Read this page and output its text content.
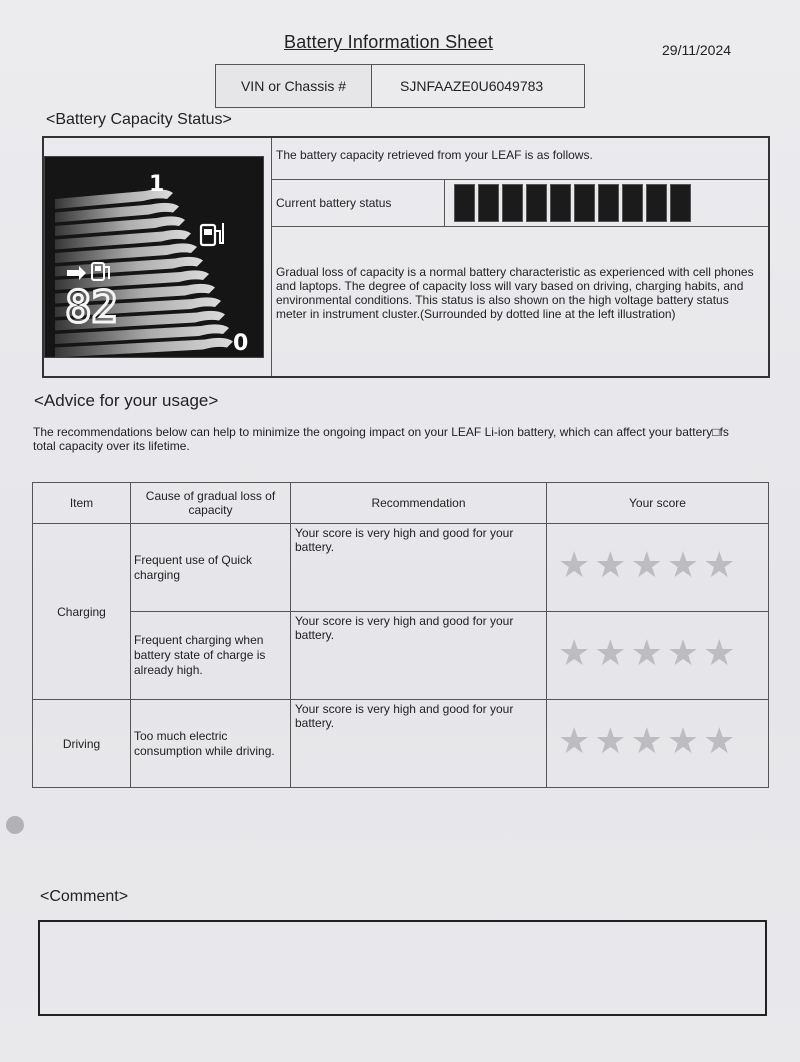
Battery Information Sheet	29/11/2024
VIN or Chassis #	SJNFAAZE0U6049783
<Battery Capacity Status>
82
1
0
The battery capacity retrieved from your LEAF is as follows.
Current battery status
Gradual loss of capacity is a normal battery characteristic as experienced with cell phones and laptops. The degree of capacity loss will vary based on driving, charging habits, and environmental conditions. This status is also shown on the high voltage battery status meter in instrument cluster.(Surrounded by dotted line at the left illustration)
<Advice for your usage>
The recommendations below can help to minimize the ongoing impact on your LEAF Li-ion battery, which can affect your battery□fs total capacity over its lifetime.
Item	Cause of gradual loss of capacity	Recommendation	Your score
Charging	Frequent use of Quick charging	Your score is very high and good for your battery.	★ ★ ★ ★ ★

	Frequent charging when battery state of charge is already high.	Your score is very high and good for your battery.	★ ★ ★ ★ ★

Driving	Too much electric consumption while driving.	Your score is very high and good for your battery.	★ ★ ★ ★ ★
<Comment>
